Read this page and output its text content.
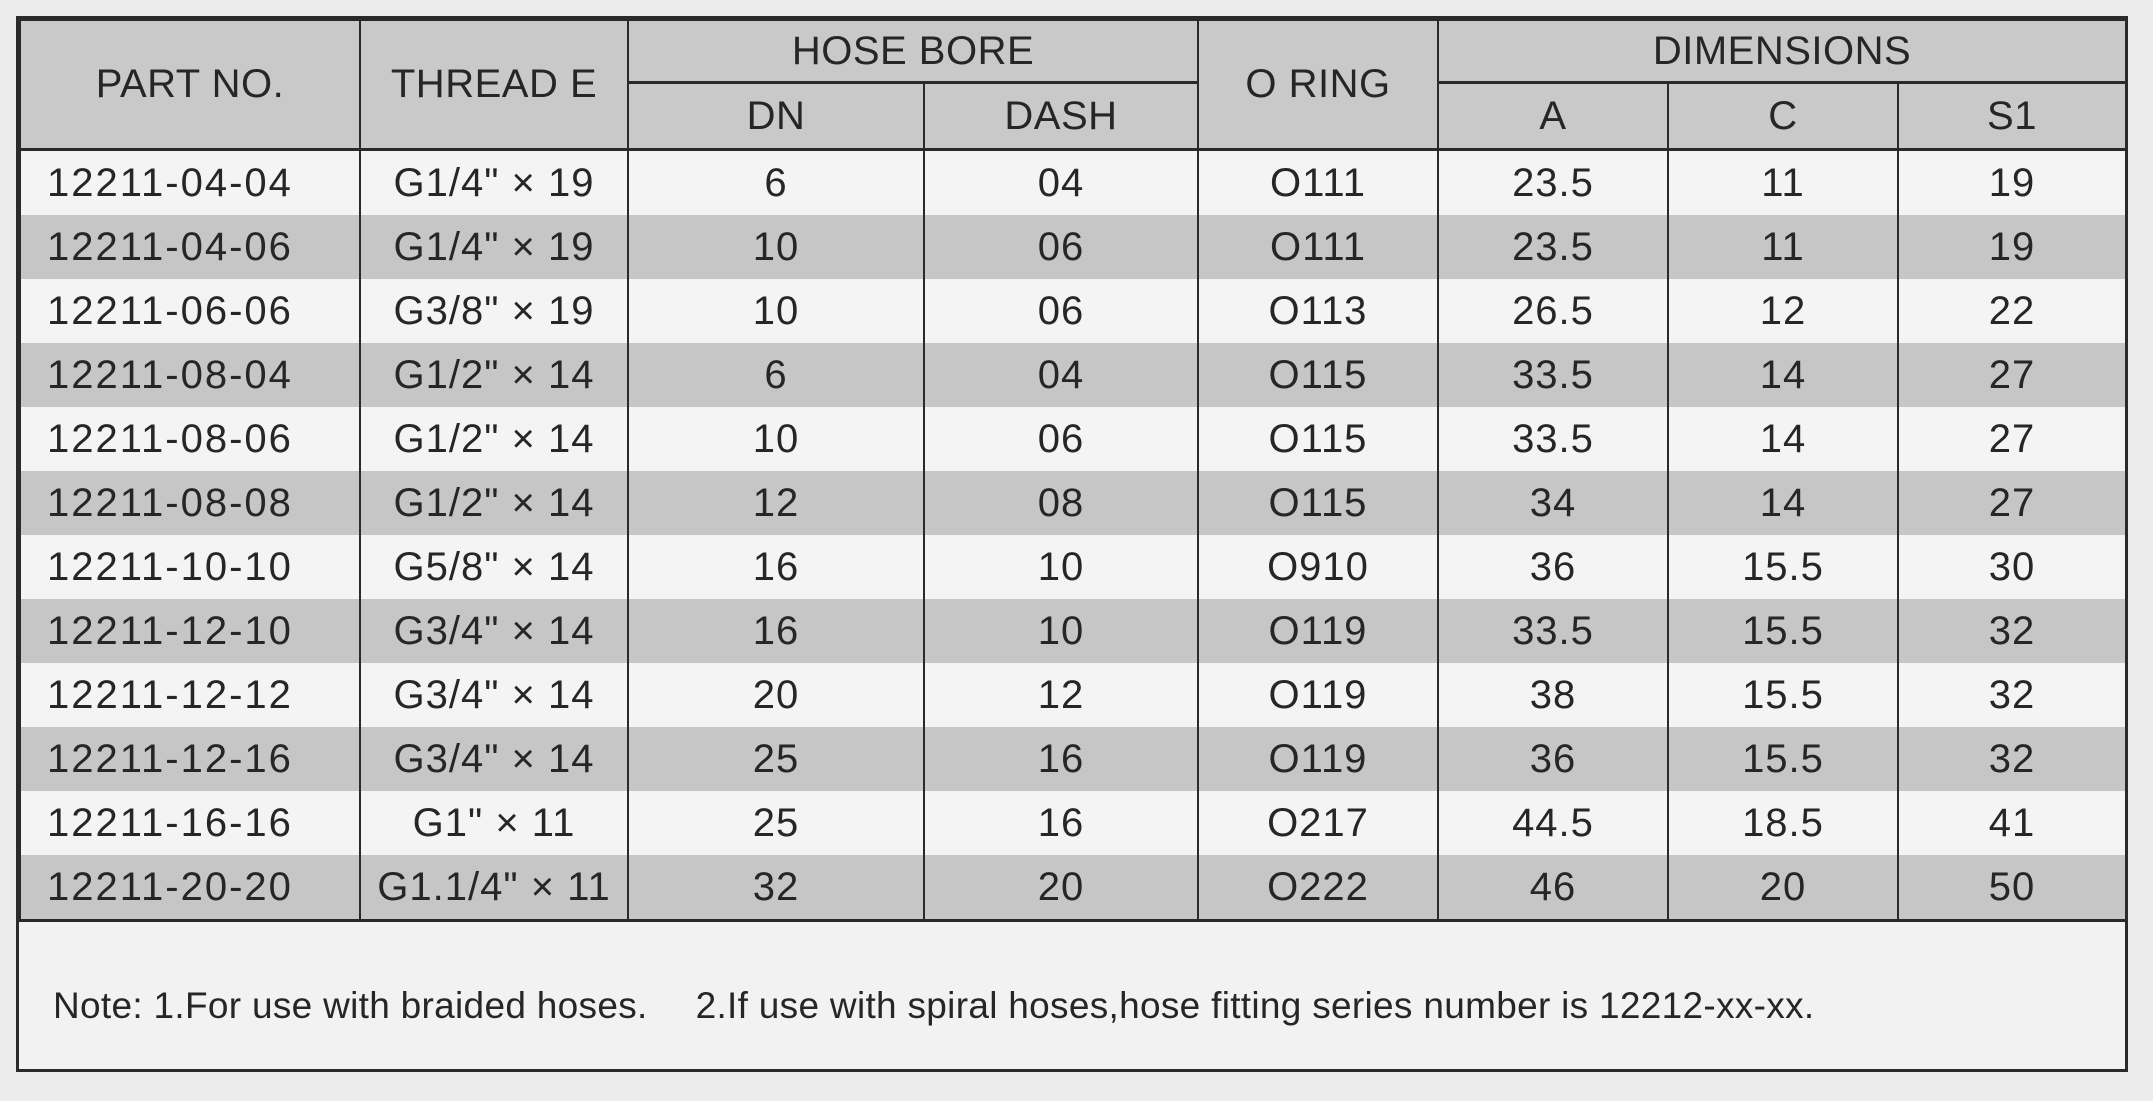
PART NO.	THREAD E	HOSE BORE		O RING	DIMENSIONS		
		DN	DASH		A	C	S1
12211-04-04	G1/4" × 19	6	04	O111	23.5	11	19
12211-04-06	G1/4" × 19	10	06	O111	23.5	11	19
12211-06-06	G3/8" × 19	10	06	O113	26.5	12	22
12211-08-04	G1/2" × 14	6	04	O115	33.5	14	27
12211-08-06	G1/2" × 14	10	06	O115	33.5	14	27
12211-08-08	G1/2" × 14	12	08	O115	34	14	27
12211-10-10	G5/8" × 14	16	10	O910	36	15.5	30
12211-12-10	G3/4" × 14	16	10	O119	33.5	15.5	32
12211-12-12	G3/4" × 14	20	12	O119	38	15.5	32
12211-12-16	G3/4" × 14	25	16	O119	36	15.5	32
12211-16-16	G1" × 11	25	16	O217	44.5	18.5	41
12211-20-20	G1.1/4" × 11	32	20	O222	46	20	50
Note: 1.For use with braided hoses. 2.If use with spiral hoses,hose fitting series number is 12212-xx-xx.
